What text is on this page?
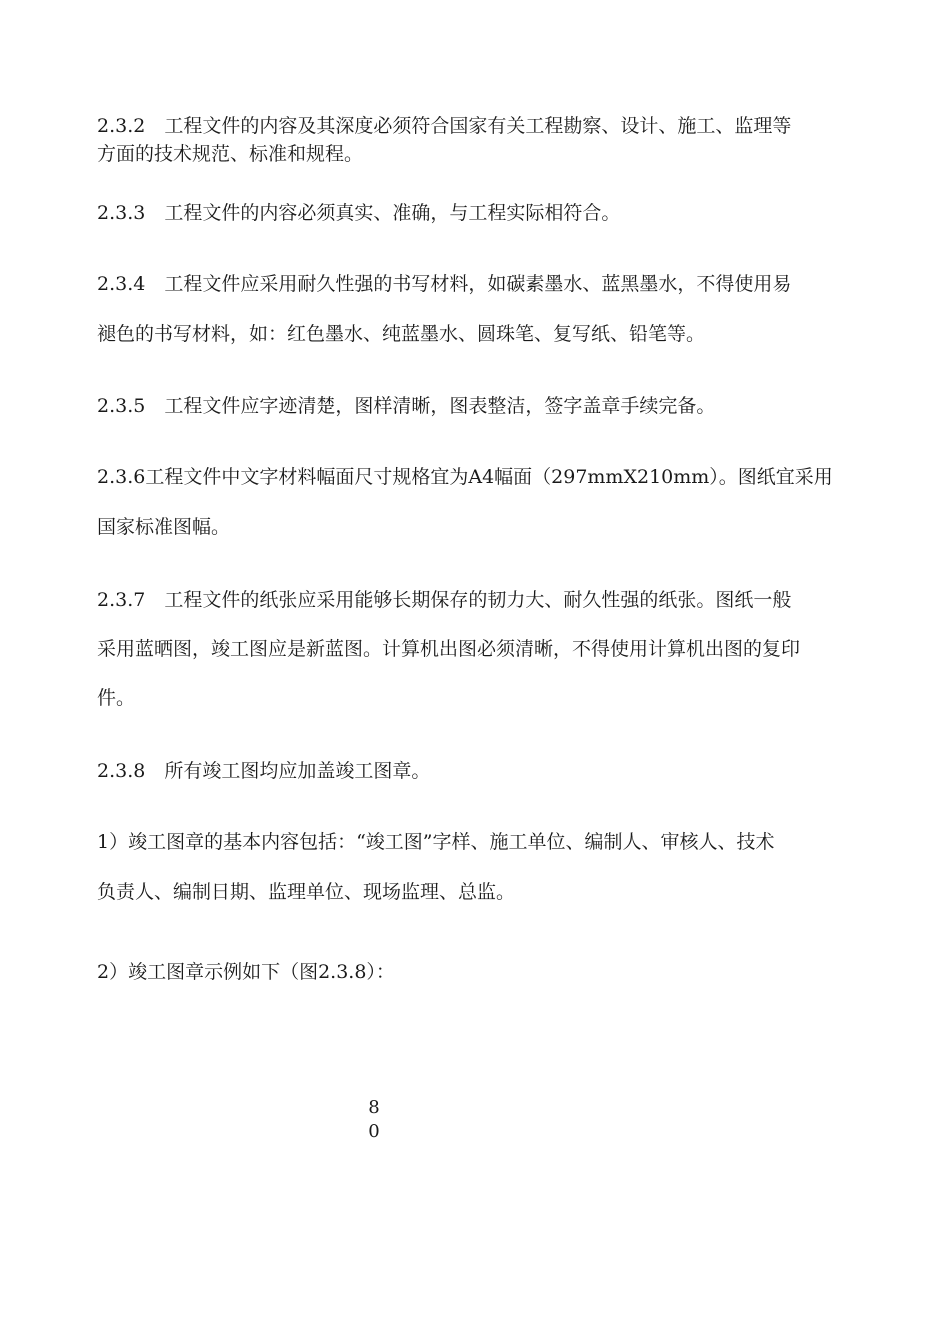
2.3.2　工程文件的内容及其深度必须符合国家有关工程勘察、设计、施工、监理等
方面的技术规范、标准和规程。
2.3.3　工程文件的内容必须真实、准确，与工程实际相符合。
2.3.4　工程文件应采用耐久性强的书写材料，如碳素墨水、蓝黑墨水，不得使用易
褪色的书写材料，如：红色墨水、纯蓝墨水、圆珠笔、复写纸、铅笔等。
2.3.5　工程文件应字迹清楚，图样清晰，图表整洁，签字盖章手续完备。
2.3.6工程文件中文字材料幅面尺寸规格宜为A4幅面（297mmX210mm）。图纸宜采用
国家标准图幅。
2.3.7　工程文件的纸张应采用能够长期保存的韧力大、耐久性强的纸张。图纸一般
采用蓝晒图，竣工图应是新蓝图。计算机出图必须清晰，不得使用计算机出图的复印
件。
2.3.8　所有竣工图均应加盖竣工图章。
1）竣工图章的基本内容包括：“竣工图”字样、施工单位、编制人、审核人、技术
负责人、编制日期、监理单位、现场监理、总监。
2）竣工图章示例如下（图2.3.8）：
8
0
